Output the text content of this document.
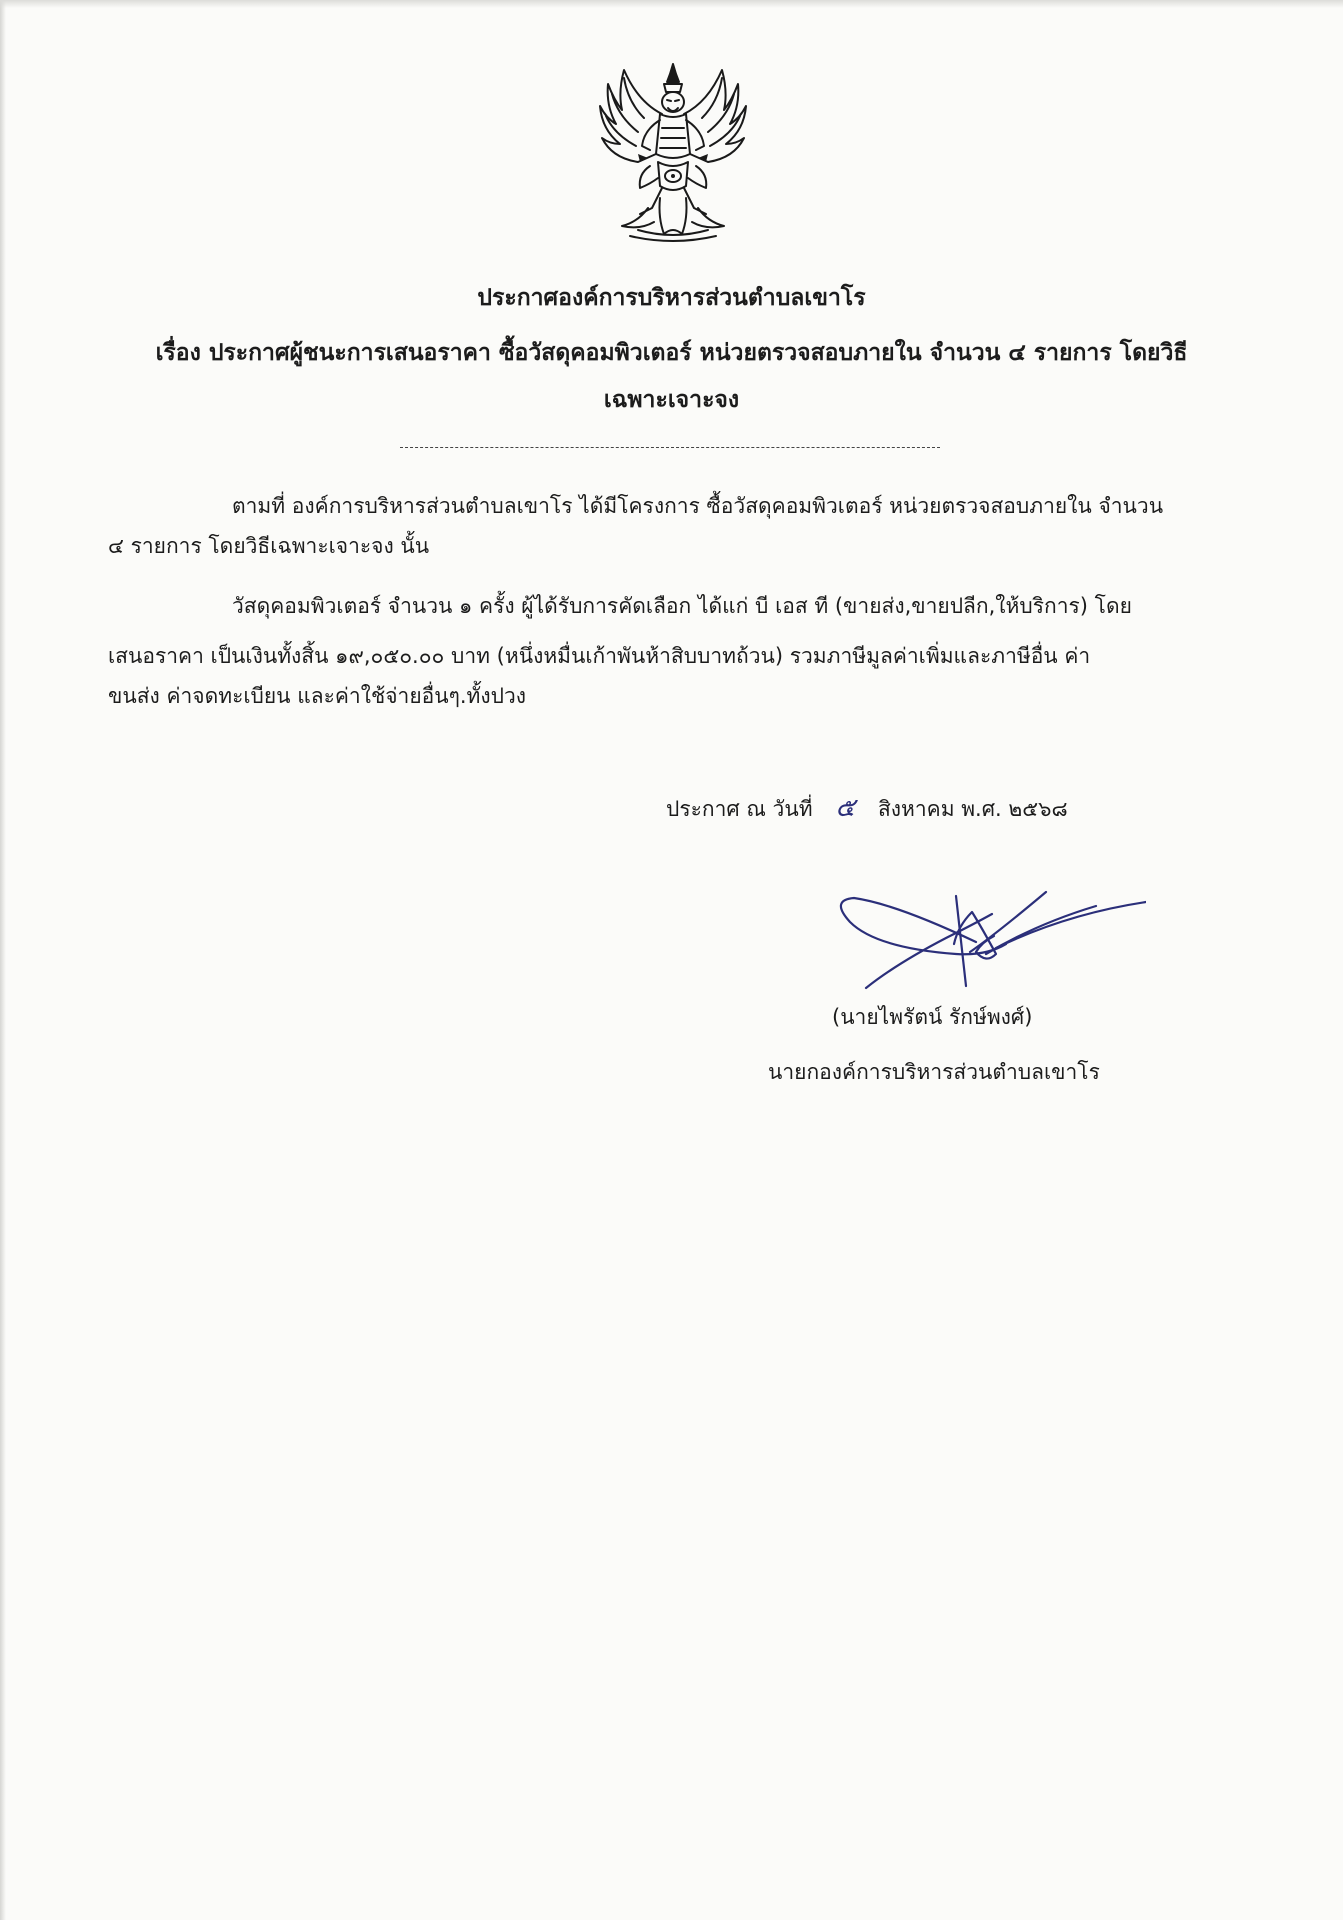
ประกาศองค์การบริหารส่วนตำบลเขาโร
เรื่อง ประกาศผู้ชนะการเสนอราคา ซื้อวัสดุคอมพิวเตอร์ หน่วยตรวจสอบภายใน จำนวน ๔ รายการ โดยวิธี
เฉพาะเจาะจง
ตามที่ องค์การบริหารส่วนตำบลเขาโร ได้มีโครงการ ซื้อวัสดุคอมพิวเตอร์ หน่วยตรวจสอบภายใน จำนวน
๔ รายการ โดยวิธีเฉพาะเจาะจง นั้น
วัสดุคอมพิวเตอร์ จำนวน ๑ ครั้ง ผู้ได้รับการคัดเลือก ได้แก่ บี เอส ที (ขายส่ง,ขายปลีก,ให้บริการ) โดย
เสนอราคา เป็นเงินทั้งสิ้น ๑๙,๐๕๐.๐๐ บาท (หนึ่งหมื่นเก้าพันห้าสิบบาทถ้วน) รวมภาษีมูลค่าเพิ่มและภาษีอื่น ค่า
ขนส่ง ค่าจดทะเบียน และค่าใช้จ่ายอื่นๆ.ทั้งปวง
ประกาศ ณ วันที่ ๕ สิงหาคม พ.ศ. ๒๕๖๘
(นายไพรัตน์ รักษ์พงศ์)
นายกองค์การบริหารส่วนตำบลเขาโร
